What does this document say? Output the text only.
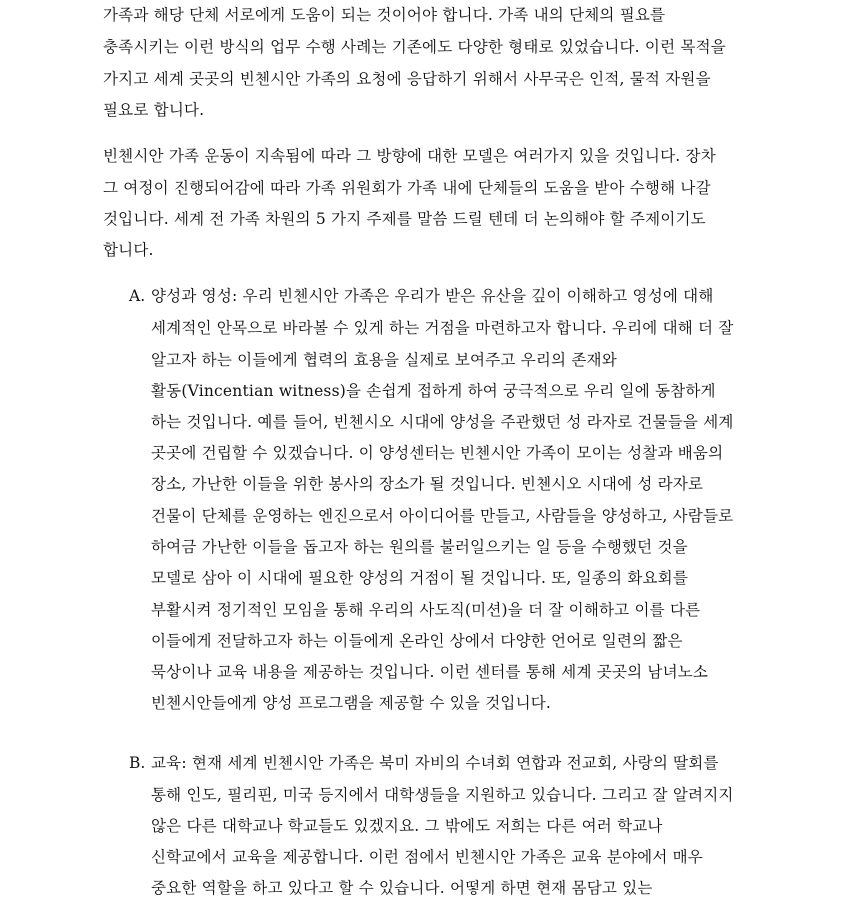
가족과 해당 단체 서로에게 도움이 되는 것이어야 합니다. 가족 내의 단체의 필요를

충족시키는 이런 방식의 업무 수행 사례는 기존에도 다양한 형태로 있었습니다. 이런 목적을

가지고 세계 곳곳의 빈첸시안 가족의 요청에 응답하기 위해서 사무국은 인적, 물적 자원을

필요로 합니다.

빈첸시안 가족 운동이 지속됨에 따라 그 방향에 대한 모델은 여러가지 있을 것입니다. 장차

그 여정이 진행되어감에 따라 가족 위원회가 가족 내에 단체들의 도움을 받아 수행해 나갈

것입니다. 세계 전 가족 차원의 5 가지 주제를 말씀 드릴 텐데 더 논의해야 할 주제이기도

합니다.

A. 양성과 영성: 우리 빈첸시안 가족은 우리가 받은 유산을 깊이 이해하고 영성에 대해

세계적인 안목으로 바라볼 수 있게 하는 거점을 마련하고자 합니다. 우리에 대해 더 잘

알고자 하는 이들에게 협력의 효용을 실제로 보여주고 우리의 존재와

활동(Vincentian witness)을 손쉽게 접하게 하여 궁극적으로 우리 일에 동참하게

하는 것입니다. 예를 들어, 빈첸시오 시대에 양성을 주관했던 성 라자로 건물들을 세계

곳곳에 건립할 수 있겠습니다. 이 양성센터는 빈첸시안 가족이 모이는 성찰과 배움의

장소, 가난한 이들을 위한 봉사의 장소가 될 것입니다. 빈첸시오 시대에 성 라자로

건물이 단체를 운영하는 엔진으로서 아이디어를 만들고, 사람들을 양성하고, 사람들로

하여금 가난한 이들을 돕고자 하는 원의를 불러일으키는 일 등을 수행했던 것을

모델로 삼아 이 시대에 필요한 양성의 거점이 될 것입니다. 또, 일종의 화요회를

부활시켜 정기적인 모임을 통해 우리의 사도직(미션)을 더 잘 이해하고 이를 다른

이들에게 전달하고자 하는 이들에게 온라인 상에서 다양한 언어로 일련의 짧은

묵상이나 교육 내용을 제공하는 것입니다. 이런 센터를 통해 세계 곳곳의 남녀노소

빈첸시안들에게 양성 프로그램을 제공할 수 있을 것입니다.

B. 교육: 현재 세계 빈첸시안 가족은 북미 자비의 수녀회 연합과 전교회, 사랑의 딸회를

통해 인도, 필리핀, 미국 등지에서 대학생들을 지원하고 있습니다. 그리고 잘 알려지지

않은 다른 대학교나 학교들도 있겠지요. 그 밖에도 저희는 다른 여러 학교나

신학교에서 교육을 제공합니다. 이런 점에서 빈첸시안 가족은 교육 분야에서 매우

중요한 역할을 하고 있다고 할 수 있습니다. 어떻게 하면 현재 몸담고 있는
